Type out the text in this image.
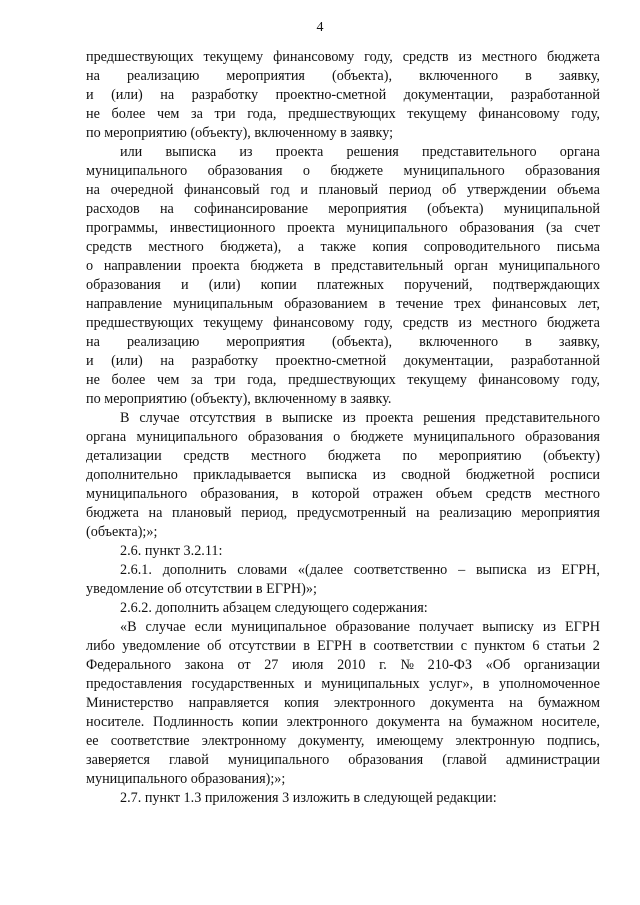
4
предшествующих текущему финансовому году, средств из местного бюджета
на реализацию мероприятия (объекта), включенного в заявку,
и (или) на разработку проектно-сметной документации, разработанной
не более чем за три года, предшествующих текущему финансовому году,
по мероприятию (объекту), включенному в заявку;
или выписка из проекта решения представительного органа
муниципального образования о бюджете муниципального образования
на очередной финансовый год и плановый период об утверждении объема
расходов на софинансирование мероприятия (объекта) муниципальной
программы, инвестиционного проекта муниципального образования (за счет
средств местного бюджета), а также копия сопроводительного письма
о направлении проекта бюджета в представительный орган муниципального
образования и (или) копии платежных поручений, подтверждающих
направление муниципальным образованием в течение трех финансовых лет,
предшествующих текущему финансовому году, средств из местного бюджета
на реализацию мероприятия (объекта), включенного в заявку,
и (или) на разработку проектно-сметной документации, разработанной
не более чем за три года, предшествующих текущему финансовому году,
по мероприятию (объекту), включенному в заявку.
В случае отсутствия в выписке из проекта решения представительного
органа муниципального образования о бюджете муниципального образования
детализации средств местного бюджета по мероприятию (объекту)
дополнительно прикладывается выписка из сводной бюджетной росписи
муниципального образования, в которой отражен объем средств местного
бюджета на плановый период, предусмотренный на реализацию мероприятия
(объекта);»;
2.6. пункт 3.2.11:
2.6.1. дополнить словами «(далее соответственно – выписка из ЕГРН,
уведомление об отсутствии в ЕГРН)»;
2.6.2. дополнить абзацем следующего содержания:
«В случае если муниципальное образование получает выписку из ЕГРН
либо уведомление об отсутствии в ЕГРН в соответствии с пунктом 6 статьи 2
Федерального закона от 27 июля 2010 г. № 210-ФЗ «Об организации
предоставления государственных и муниципальных услуг», в уполномоченное
Министерство направляется копия электронного документа на бумажном
носителе. Подлинность копии электронного документа на бумажном носителе,
ее соответствие электронному документу, имеющему электронную подпись,
заверяется главой муниципального образования (главой администрации
муниципального образования);»;
2.7. пункт 1.3 приложения 3 изложить в следующей редакции:
